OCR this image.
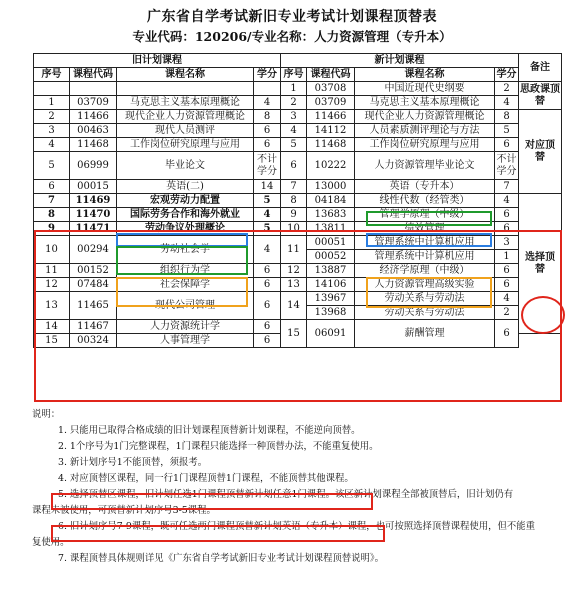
广东省自学考试新旧专业考试计划课程顶替表
专业代码：120206/专业名称：人力资源管理（专升本）
旧计划课程				新计划课程				备注	
序号	课程代码	课程名称	学分	序号	课程代码	课程名称	学分		
				1	03708	中国近现代史纲要	2	思政课顶替	
1	03709	马克思主义基本原理概论	4	2	03709	马克思主义基本原理概论	4		
2	11466	现代企业人力资源管理概论	8	3	11466	现代企业人力资源管理概论	8	对应顶替	
3	00463	现代人员测评	6	4	14112	人员素质测评理论与方法	5		
4	11468	工作岗位研究原理与应用	6	5	11468	工作岗位研究原理与应用	6		
5	06999	毕业论文	不计学分	6	10222	人力资源管理毕业论文	不计学分		
6	00015	英语(二)	14	7	13000	英语（专升本）	7		
7	11469	宏观劳动力配置	5	8	04184	线性代数（经管类）	4	选择顶替	
8	11470	国际劳务合作和海外就业	4	9	13683	管理学原理（中级）	6		
9	11471	劳动争议处理概论	5	10	13811	绩效管理	6		
10	00294	劳动社会学	4	11	00051	管理系统中计算机应用	3		
					00052	管理系统中计算机应用	1		
11	00152	组织行为学	6	12	13887	经济学原理（中级）	6		
12	07484	社会保障学	6	13	14106	人力资源管理高级实验	6		
13	11465	现代公司管理	6	14	13967	劳动关系与劳动法	4		
					13968	劳动关系与劳动法	2		

14	11467	人力资源统计学	6	15	06091	薪酬管理	6		
15	00324	人事管理学	6						

说明：

1. 只能用已取得合格成绩的旧计划课程顶替新计划课程，不能逆向顶替。

2. 1个序号为1门完整课程，1门课程只能选择一种顶替办法，不能重复使用。

3. 新计划序号1不能顶替，须报考。

4. 对应顶替区课程，同一行1门课程顶替1门课程，不能顶替其他课程。

5. 选择顶替区课程，旧计划任选1门课程顶替新计划任意1门课程。该区新计划课程全部被顶替后，旧计划仍有

课程未被使用，可顶替新计划序号3-5课程。

6. 旧计划序号7-9课程，既可任选两门课程顶替新计划英语（专升本）课程，也可按照选择顶替课程使用，但不能重

复使用。

7. 课程顶替具体规则详见《广东省自学考试新旧专业考试计划课程顶替说明》。
